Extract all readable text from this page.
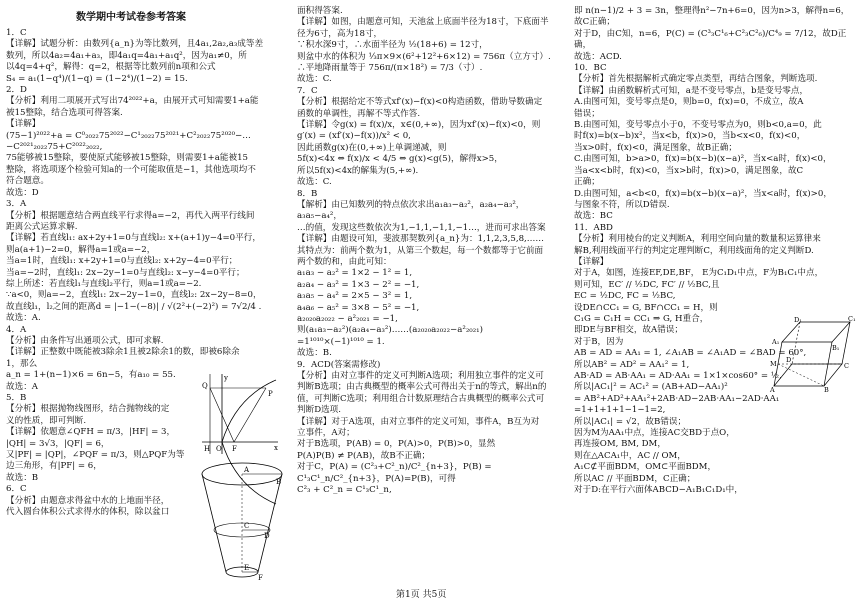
数学期中考试卷参考答案

1．C

【详解】试题分析：由数列{a_n}为等比数列，且4a₁,2a₂,a₃成等差

数列，所以4a₂=4a₁+a₃，即4a₁q=4a₁+a₁q²，因为a₁≠0，所

以4q=4+q²，解得：q=2，根据等比数列前n项和公式

S₄ = a₁(1−q⁴)/(1−q) = (1−2⁴)/(1−2) = 15.

2．D

【分析】利用二项展开式写出74²⁰²²+a，由展开式可知需要1+a能

被15整除，结合选项可得答案.

【详解】

(75−1)²⁰²²+a = C⁰₂₀₂₂75²⁰²²−C¹₂₀₂₂75²⁰²¹+C²₂₀₂₂75²⁰²⁰−…−C²⁰²¹₂₀₂₂75+C²⁰²²₂₀₂₂,

75能够被15整除，要使原式能够被15整除，则需要1+a能被15

整除，将选项逐个检验可知a的一个可能取值是−1，其他选项均不

符合题意。

故选：D

3．A

【分析】根据题意结合两直线平行求得a=−2，再代入两平行线间

距离公式运算求解.

【详解】若直线l₁: ax+2y+1=0与直线l₂: x+(a+1)y−4=0平行，

则a(a+1)−2=0，解得a=1或a=−2，

当a=1时，直线l₁: x+2y+1=0与直线l₂: x+2y−4=0平行；

当a=−2时，直线l₁: 2x−2y−1=0与直线l₂: x−y−4=0平行；

综上所述：若直线l₁与直线l₂平行，则a=1或a=−2.

∵a<0，则a=−2，直线l₁: 2x−2y−1=0，直线l₂: 2x−2y−8=0，

故直线l₁，l₂之间的距离d = |−1−(−8)| / √(2²+(−2)²) = 7√2/4 .

故选：A.

4．A

【分析】由条件写出通项公式，即可求解.

【详解】正整数中既能被3除余1且被2除余1的数，即被6除余

1，那么

a_n = 1+(n−1)×6 = 6n−5，有a₁₀ = 55.

故选：A

5．B

【分析】根据抛物线图形，结合抛物线的定

义的性质，即可判断.

【详解】依题意∠QFH = π/3，|HF| = 3，

|QH| = 3√3，|QF| = 6，

又|PF| = |QP|，∠PQF = π/3，则△PQF为等

边三角形，有|PF| = 6，

故选：B

6．C

【分析】由题意求得盆中水的上地面半径，

代入圆台体积公式求得水的体积，除以盆口

面积得答案.

【详解】如图，由题意可知，天池盆上底面半径为18寸，下底面半

径为6寸，高为18寸，

∵积水深9寸，∴水面半径为 ½(18+6) = 12寸，

则盆中水的体积为 ⅓π×9×(6²+12²+6×12) = 756π（立方寸）.

∴平地降雨量等于 756π/(π×18²) = 7/3（寸）.

故选：C.

7．C

【分析】根据给定不等式xf′(x)−f(x)<0构造函数，借助导数确定

函数的单调性，再解不等式作答.

【详解】令g(x) = f(x)/x，x∈(0,+∞)，因为xf′(x)−f(x)<0，则

g′(x) = (xf′(x)−f(x))/x² < 0,

因此函数g(x)在(0,+∞)上单调递减，则

5f(x)<4x ⇔ f(x)/x < 4/5 ⇔ g(x)<g(5)，解得x>5，

所以5f(x)<4x的解集为(5,+∞).

故选：C.

8．B

【解析】由已知数列的特点依次求出a₁a₃−a₂²，a₂a₄−a₃²，a₃a₅−a₄²，

…的值，发现这些数依次为1,−1,1,−1,1,−1…，进而可求出答案

【详解】由题设可知，斐波那契数列{a_n}为：1,1,2,3,5,8,……

其特点为：前两个数为1，从第三个数起，每一个数都等于它前面

两个数的和，由此可知：

a₁a₃ − a₂² = 1×2 − 1² = 1,

a₂a₄ − a₃² = 1×3 − 2² = −1,

a₃a₅ − a₄² = 2×5 − 3² = 1,

a₄a₆ − a₅² = 3×8 − 5² = −1,

a₂₀₂₀a₂₀₂₂ − a²₂₀₂₁ = −1,

则(a₁a₃−a₂²)(a₂a₄−a₃²)……(a₂₀₂₀a₂₀₂₂−a²₂₀₂₁)

=1¹⁰¹⁰×(−1)¹⁰¹⁰ = 1.

故选：B.

9．ACD(答案需修改)

【分析】由对立事件的定义可判断A选项；利用独立事件的定义可

判断B选项；由古典概型的概率公式可得出关于n的等式，解出n的

值，可判断C选项；利用组合计数原理结合古典概型的概率公式可

判断D选项.

【详解】对于A选项，由对立事件的定义可知，事件A，B互为对

立事件，A对；

对于B选项，P(AB) = 0，P(A)>0，P(B)>0，显然

P(A)P(B) ≠ P(AB)，故B不正确；

对于C，P(A) = (C²₃+C²_n)/C²_{n+3}，P(B) = C¹₃C¹_n/C²_{n+3}，P(A)=P(B)，可得

C²₃ + C²_n = C¹₃C¹_n,

即 n(n−1)/2 + 3 = 3n，整理得n²−7n+6=0，因为n>3，解得n=6，

故C正确；

对于D，由C知，n=6，P(C) = (C³₃C¹₆+C²₃C²₆)/C⁴₉ = 7/12，故D正确，

故选：ACD.

10．BC

【分析】首先根据解析式确定零点类型，再结合图象，判断选项.

【详解】由函数解析式可知，a是不变号零点，b是变号零点，

A.由图可知，变号零点是0，则b=0，f(x)=0，不成立，故A

错误；

B.由图可知，变号零点小于0，不变号零点为0，则b<0,a=0，此

时f(x)=b(x−b)x²，当x<b，f(x)>0，当b<x<0，f(x)<0，

当x>0时，f(x)<0，满足图象，故B正确；

C.由图可知，b>a>0，f(x)=b(x−b)(x−a)²，当x<a时，f(x)<0，

当a<x<b时，f(x)<0，当x>b时，f(x)>0，满足图象，故C

正确；

D.由图可知，a<b<0，f(x)=b(x−b)(x−a)²，当x<a时，f(x)>0，

与图象不符，所以D错误.

故选：BC

11．ABD

【分析】利用棱台的定义判断A，利用空间向量的数量积运算律来

解B,利用线面平行的判定定理判断C，利用线面角的定义判断D.

【详解】

对于A，如图，连接EF,DE,BF， E为C₁D₁中点，F为B₁C₁中点，

则可知，EC′ // ½DC, FC′ // ½BC,且

EC = ½DC, FC = ½BC,

设DE∩CC₁ = G, BF∩CC₁ = H，则

C₁G = C₁H = CC₁ ⇒ G, H重合，

即DE与BF相交，故A错误；

对于B，因为

AB = AD = AA₁ = 1, ∠A₁AB = ∠A₁AD = ∠BAD = 60°,

所以AB² = AD² = AA₁² = 1,

AB·AD = AB·AA₁ = AD·AA₁ = 1×1×cos60° = ½,

所以|AC₁|² = AC₁² = (AB+AD−AA₁)²

= AB²+AD²+AA₁²+2AB·AD−2AB·AA₁−2AD·AA₁

=1+1+1+1−1−1=2,

所以|AC₁| = √2，故B错误；

因为M为AA₁中点，连接AC交BD于点O，

再连接OM, BM, DM，

则在△ACA₁中，AC // OM，

A₁C⊄平面BDM，OM⊂平面BDM，

所以AC // 平面BDM，C正确；

对于D:在平行六面体ABCD−A₁B₁C₁D₁中，

y
Q
P
H O F	x
A
B
C
D
E
F
D₁	C₁
A₁
B₁
M D
C
A	B
第1页 共5页
